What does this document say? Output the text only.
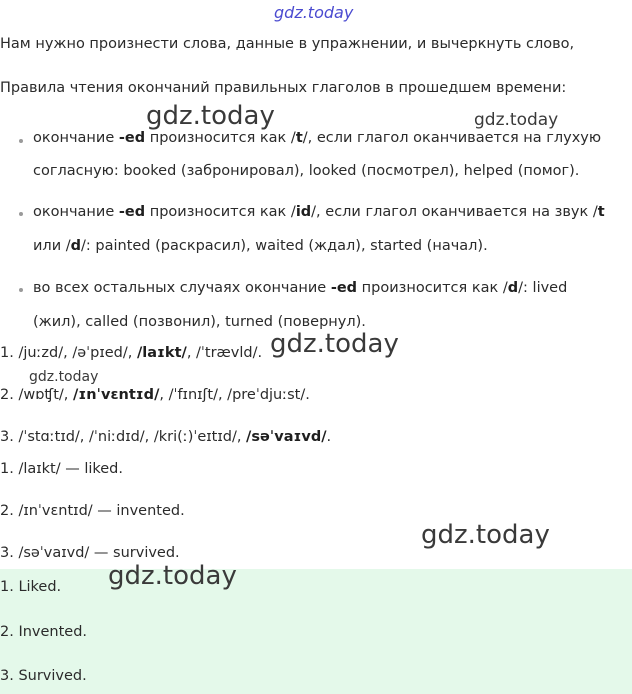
gdz.today
Нам нужно произнести слова, данные в упражнении, и вычеркнуть слово,
Правила чтения окончаний правильных глаголов в прошедшем времени:
окончание -ed произносится как /t/, если глагол оканчивается на глухую
согласную: booked (забронировал), looked (посмотрел), helped (помог).
окончание -ed произносится как /id/, если глагол оканчивается на звук /t
или /d/: painted (раскрасил), waited (ждал), started (начал).
во всех остальных случаях окончание -ed произносится как /d/: lived
(жил), called (позвонил), turned (повернул).
1. /juːzd/, /əˈpɪed/, /laɪkt/, /ˈtrævld/.
2. /wɒʧt/, /ɪnˈvɛntɪd/, /ˈfɪnɪʃt/, /preˈdjuːst/.
3. /ˈstɑːtɪd/, /ˈniːdɪd/, /kri(ː)ˈeɪtɪd/, /səˈvaɪvd/.
1. /laɪkt/ — liked.
2. /ɪnˈvɛntɪd/ — invented.
3. /səˈvaɪvd/ — survived.
1. Liked.
2. Invented.
3. Survived.
gdz.today	gdz.today
gdz.today
gdz.today
gdz.today
gdz.today
